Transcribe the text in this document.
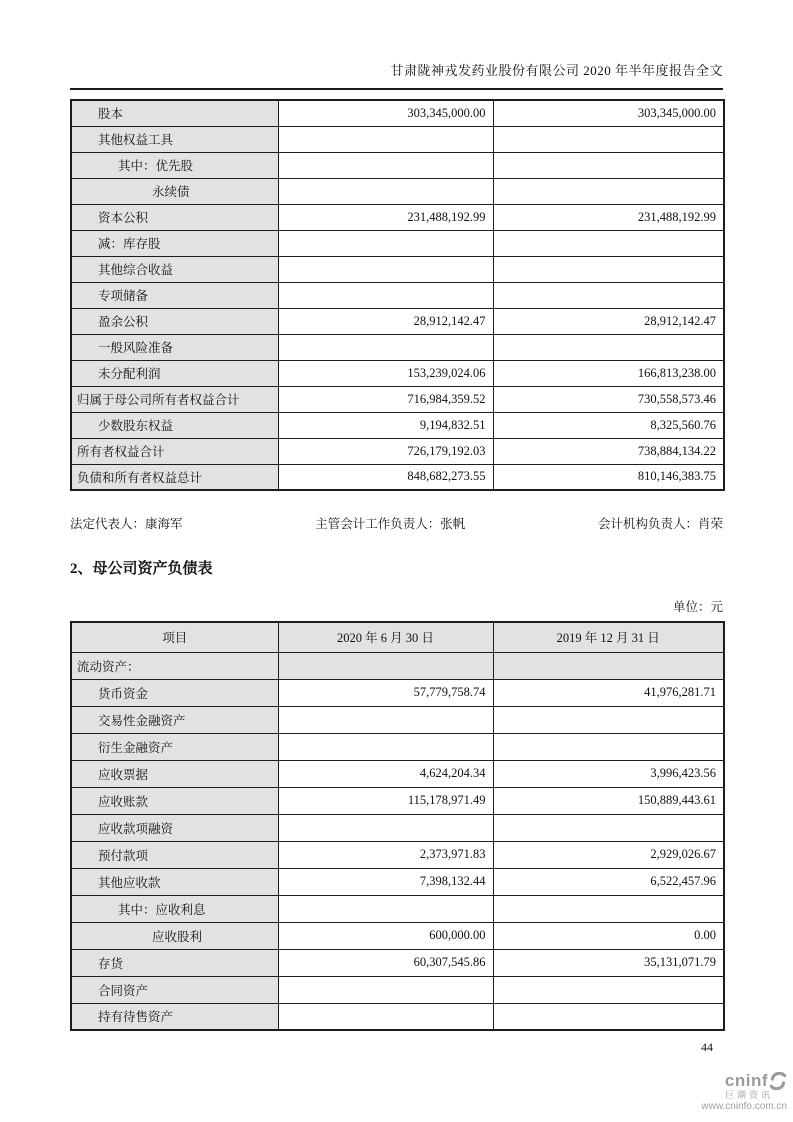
甘肃陇神戎发药业股份有限公司 2020 年半年度报告全文
股本	303,345,000.00	303,345,000.00
其他权益工具		
其中：优先股		
永续债		
资本公积	231,488,192.99	231,488,192.99
减：库存股		
其他综合收益		
专项储备		
盈余公积	28,912,142.47	28,912,142.47
一般风险准备		
未分配利润	153,239,024.06	166,813,238.00
归属于母公司所有者权益合计	716,984,359.52	730,558,573.46
少数股东权益	9,194,832.51	8,325,560.76
所有者权益合计	726,179,192.03	738,884,134.22
负债和所有者权益总计	848,682,273.55	810,146,383.75
法定代表人：康海军	主管会计工作负责人：张帆	会计机构负责人：肖荣
2、母公司资产负债表
单位：元
项目	2020 年 6 月 30 日	2019 年 12 月 31 日
流动资产：		
货币资金	57,779,758.74	41,976,281.71
交易性金融资产		
衍生金融资产		
应收票据	4,624,204.34	3,996,423.56
应收账款	115,178,971.49	150,889,443.61
应收款项融资		
预付款项	2,373,971.83	2,929,026.67
其他应收款	7,398,132.44	6,522,457.96
其中：应收利息		
应收股利	600,000.00	0.00
存货	60,307,545.86	35,131,071.79
合同资产		
持有待售资产		
44
cninf
巨潮资讯
www.cninfo.com.cn
